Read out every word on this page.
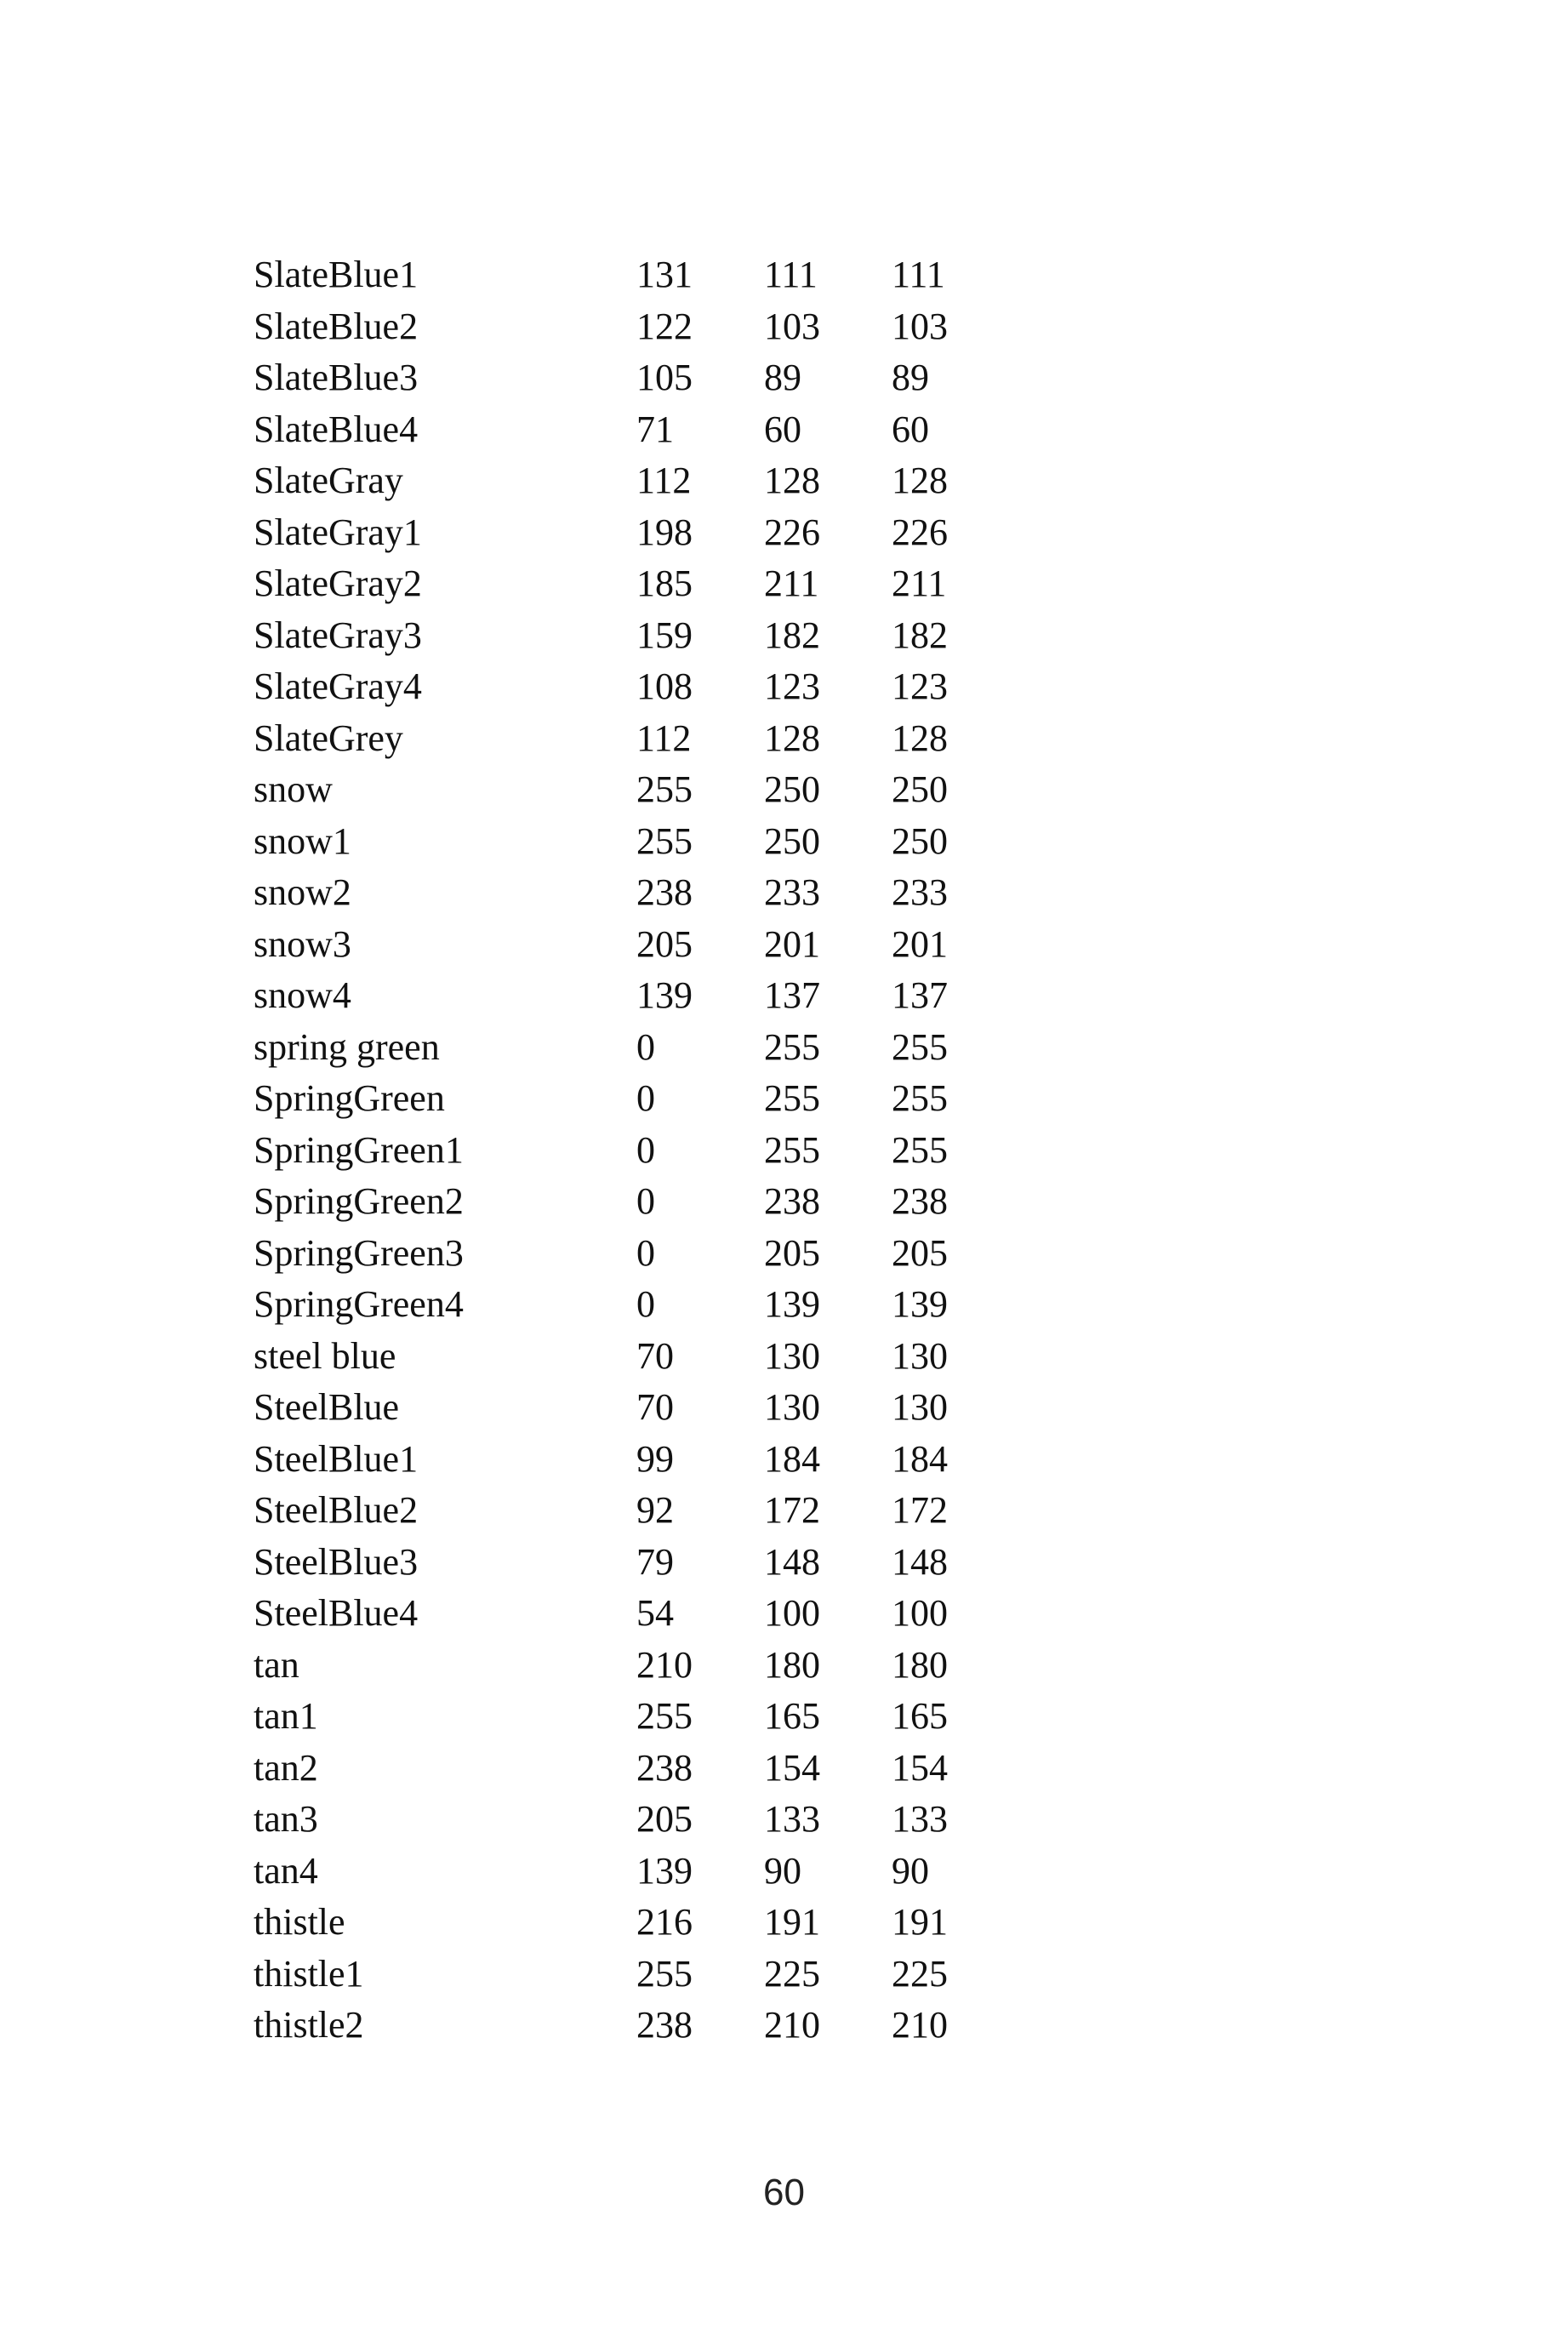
SlateBlue1	131 111 111
SlateBlue2	122 103 103
SlateBlue3	105 89 89
SlateBlue4	71 60 60
SlateGray	112 128 128
SlateGray1	198 226 226
SlateGray2	185 211 211
SlateGray3	159 182 182
SlateGray4	108 123 123
SlateGrey	112 128 128
snow	255 250 250
snow1	255 250 250
snow2	238 233 233
snow3	205 201 201
snow4	139 137 137
spring green	0	255 255
SpringGreen	0	255 255
SpringGreen1	0	255 255
SpringGreen2	0	238 238
SpringGreen3	0	205 205
SpringGreen4	0	139 139
steel blue	70 130 130
SteelBlue	70 130 130
SteelBlue1	99 184 184
SteelBlue2	92 172 172
SteelBlue3	79 148 148
SteelBlue4	54 100 100
tan	210 180 180
tan1	255 165 165
tan2	238 154 154
tan3	205 133 133
tan4	139 90 90
thistle	216 191 191
thistle1	255 225 225
thistle2	238 210 210
60
